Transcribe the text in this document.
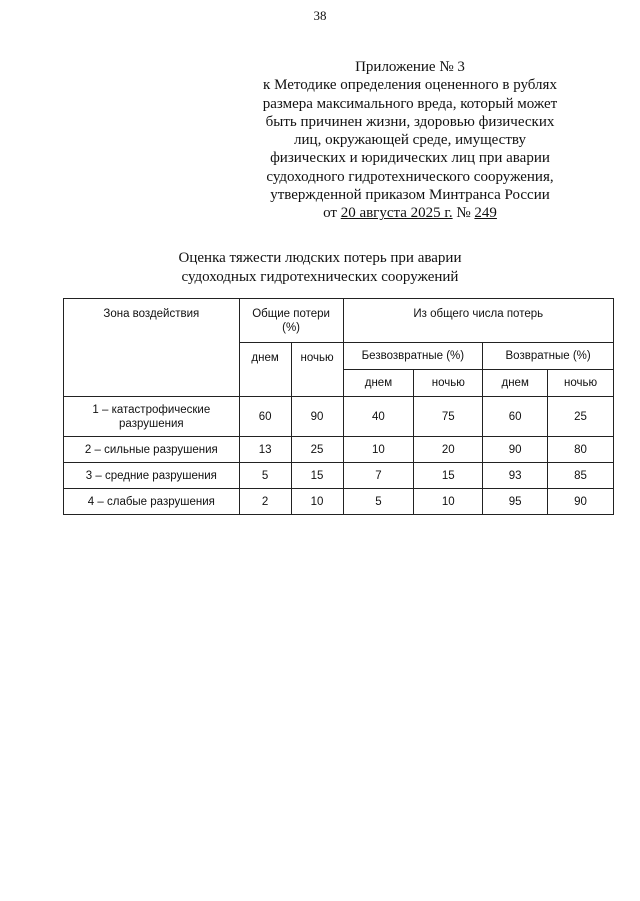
38
Приложение № 3
к Методике определения оцененного в рублях
размера максимального вреда, который может
быть причинен жизни, здоровью физических
лиц, окружающей среде, имуществу
физических и юридических лиц при аварии
судоходного гидротехнического сооружения,
утвержденной приказом Минтранса России
от 20 августа 2025 г. № 249
Оценка тяжести людских потерь при аварии
судоходных гидротехнических сооружений
Зона воздействия	Общие потери (%)		Из общего числа потерь			
	днем	ночью	Безвозвратные (%)		Возвратные (%)	
			днем	ночью	днем	ночью
1 – катастрофические разрушения	60	90	40	75	60	25
2 – сильные разрушения	13	25	10	20	90	80
3 – средние разрушения	5	15	7	15	93	85
4 – слабые разрушения	2	10	5	10	95	90
